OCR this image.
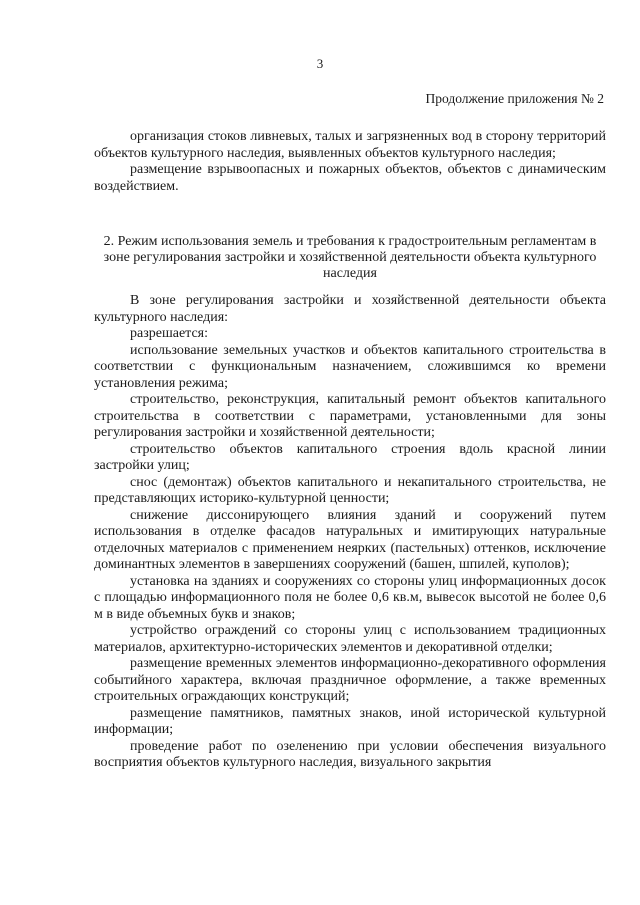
3
Продолжение приложения № 2

организация стоков ливневых, талых и загрязненных вод в сторону территорий объектов культурного наследия, выявленных объектов культурного наследия;

размещение взрывоопасных и пожарных объектов, объектов с динамическим воздействием.

2. Режим использования земель и требования к градостроительным регламентам в зоне регулирования застройки и хозяйственной деятельности объекта культурного наследия

В зоне регулирования застройки и хозяйственной деятельности объекта культурного наследия:

разрешается:

использование земельных участков и объектов капитального строительства в соответствии с функциональным назначением, сложившимся ко времени установления режима;

строительство, реконструкция, капитальный ремонт объектов капитального строительства в соответствии с параметрами, установленными для зоны регулирования застройки и хозяйственной деятельности;

строительство объектов капитального строения вдоль красной линии застройки улиц;

снос (демонтаж) объектов капитального и некапитального строительства, не представляющих историко-культурной ценности;

снижение диссонирующего влияния зданий и сооружений путем использования в отделке фасадов натуральных и имитирующих натуральные отделочных материалов с применением неярких (пастельных) оттенков, исключение доминантных элементов в завершениях сооружений (башен, шпилей, куполов);

установка на зданиях и сооружениях со стороны улиц информационных досок с площадью информационного поля не более 0,6 кв.м, вывесок высотой не более 0,6 м в виде объемных букв и знаков;

устройство ограждений со стороны улиц с использованием традиционных материалов, архитектурно-исторических элементов и декоративной отделки;

размещение временных элементов информационно-декоративного оформления событийного характера, включая праздничное оформление, а также временных строительных ограждающих конструкций;

размещение памятников, памятных знаков, иной исторической культурной информации;

проведение работ по озеленению при условии обеспечения визуального восприятия объектов культурного наследия, визуального закрытия
